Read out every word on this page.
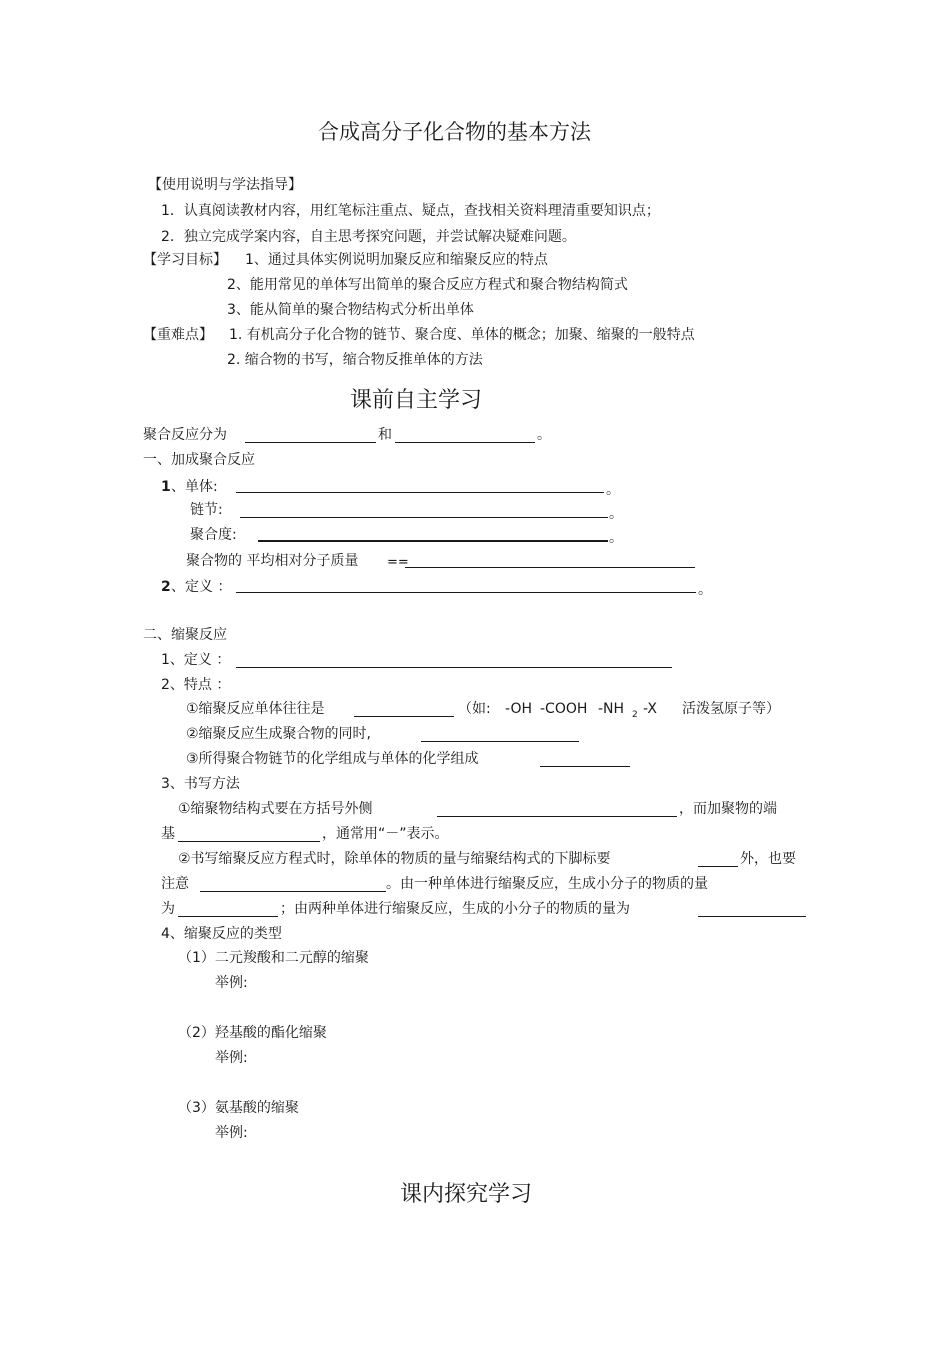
合成高分子化合物的基本方法
【使用说明与学法指导】
1．认真阅读教材内容，用红笔标注重点、疑点，查找相关资料理清重要知识点；
2．独立完成学案内容，自主思考探究问题，并尝试解决疑难问题。
【学习目标】 1、通过具体实例说明加聚反应和缩聚反应的特点
2、能用常见的单体写出简单的聚合反应方程式和聚合物结构简式
3、能从简单的聚合物结构式分析出单体
【重难点】 1. 有机高分子化合物的链节、聚合度、单体的概念；加聚、缩聚的一般特点
2. 缩合物的书写，缩合物反推单体的方法
课前自主学习
聚合反应分为	和	。
一、加成聚合反应
1 、单体:	。
链节:	。
聚合度:	。
聚合物的 平均相对分子质量 ==
2 、定义 ：	。
二、缩聚反应
1、定义 ：
2、特点 ：
①缩聚反应单体往往是	（如: -OH -COOH -NH 2 -X 活泼氢原子等）
②缩聚反应生成聚合物的同时,
③所得聚合物链节的化学组成与单体的化学组成
3、书写方法
①缩聚物结构式要在方括号外侧	，而加聚物的端
基	，通常用“－”表示。
②书写缩聚反应方程式时，除单体的物质的量与缩聚结构式的下脚标要	外，也要
注意	。由一种单体进行缩聚反应，生成小分子的物质的量
为	；由两种单体进行缩聚反应，生成的小分子的物质的量为
4、缩聚反应的类型
（1）二元羧酸和二元醇的缩聚
举例:
（2）羟基酸的酯化缩聚
举例:
（3）氨基酸的缩聚
举例:
课内探究学习
